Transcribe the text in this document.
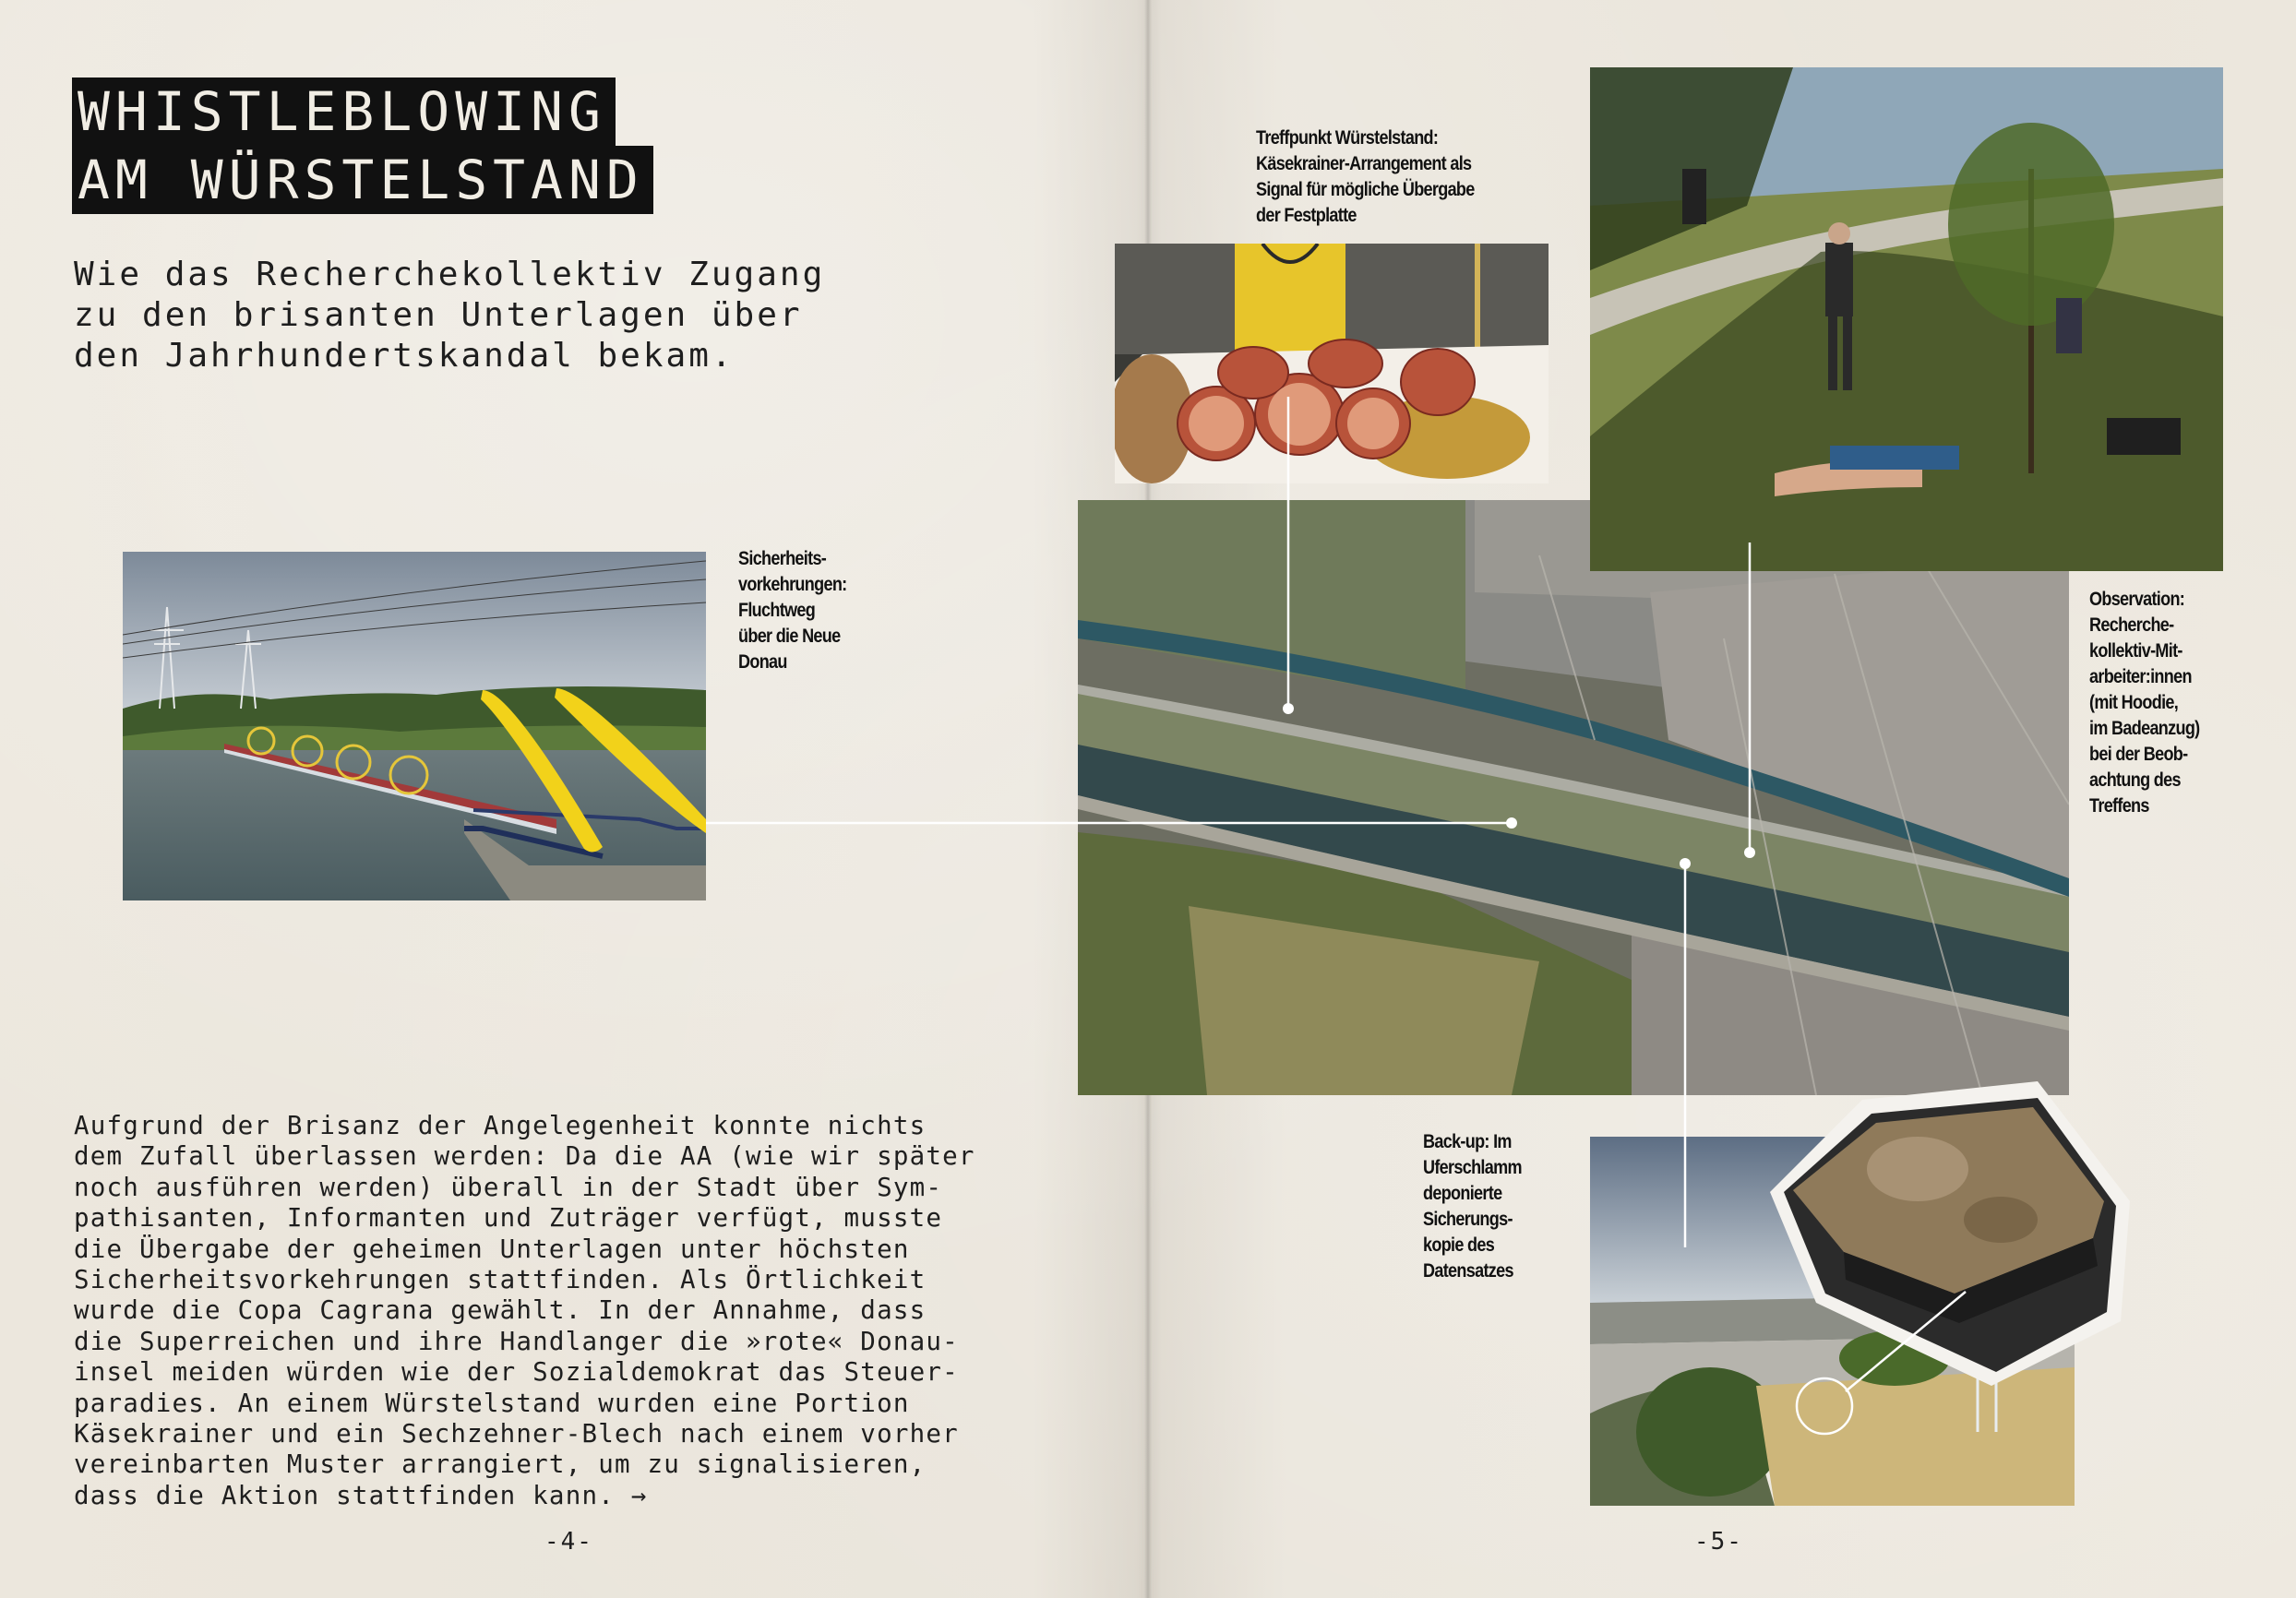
WHISTLEBLOWING
AM WÜRSTELSTAND
Wie das Recherchekollektiv Zugang
zu den brisanten Unterlagen über
den Jahrhundertskandal bekam.
Sicherheits-
vorkehrungen:
Fluchtweg
über die Neue
Donau
Aufgrund der Brisanz der Angelegenheit konnte nichts
dem Zufall überlassen werden: Da die AA (wie wir später
noch ausführen werden) überall in der Stadt über Sym-
pathisanten, Informanten und Zuträger verfügt, musste
die Übergabe der geheimen Unterlagen unter höchsten
Sicherheitsvorkehrungen stattfinden. Als Örtlichkeit
wurde die Copa Cagrana gewählt. In der Annahme, dass
die Superreichen und ihre Handlanger die »rote« Donau-
insel meiden würden wie der Sozialdemokrat das Steuer-
paradies. An einem Würstelstand wurden eine Portion
Käsekrainer und ein Sechzehner-Blech nach einem vorher
vereinbarten Muster arrangiert, um zu signalisieren,
dass die Aktion stattfinden kann. →
-4-
Treffpunkt Würstelstand:
Käsekrainer-Arrangement als
Signal für mögliche Übergabe
der Festplatte
Observation:
Recherche-
kollektiv-Mit-
arbeiter:innen
(mit Hoodie,
im Badeanzug)
bei der Beob-
achtung des
Treffens
Back-up: Im
Uferschlamm
deponierte
Sicherungs-
kopie des
Datensatzes
-5-
